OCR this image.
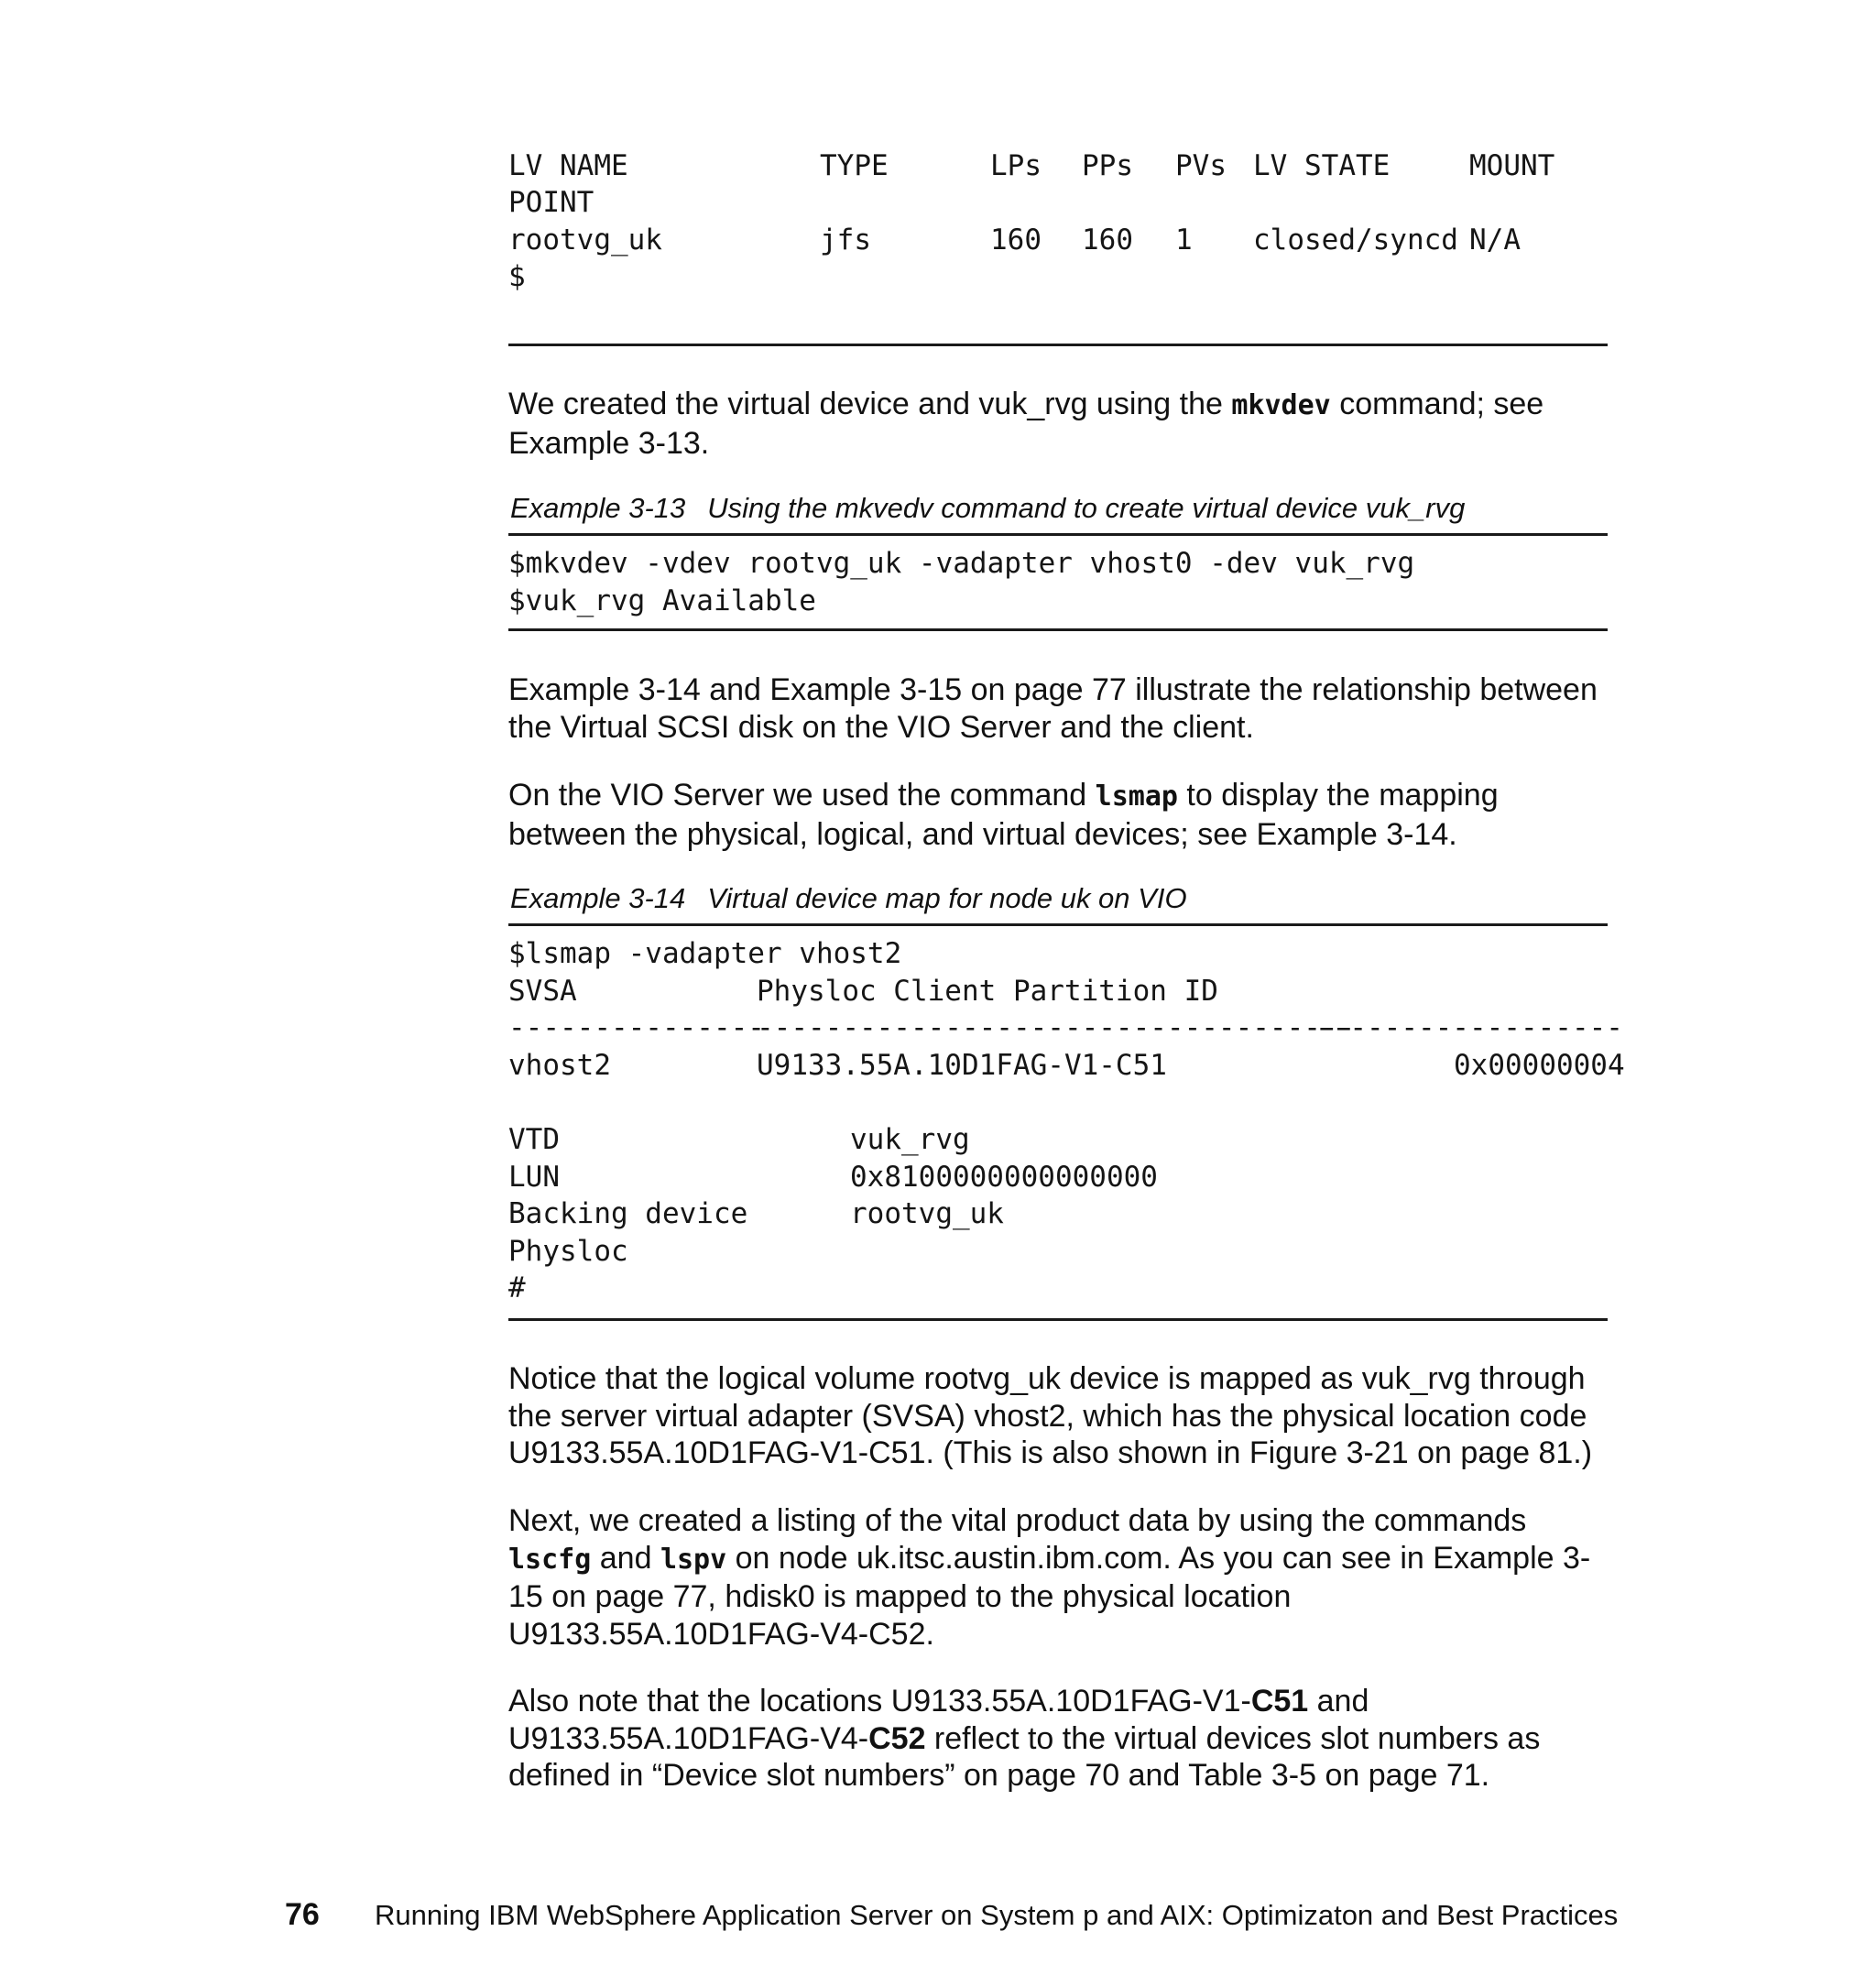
LV NAME	TYPE	LPs PPs PVs LV STATE	MOUNT
POINT
rootvg_uk	jfs	160 160 1 closed/syncd N/A
$

We created the virtual device and vuk_rvg using the mkvdev command; see Example 3-13.

Example 3-13 Using the mkvedv command to create virtual device vuk_rvg
$mkvdev -vdev rootvg_uk -vadapter vhost0 -dev vuk_rvg
$vuk_rvg Available

Example 3-14 and Example 3-15 on page 77 illustrate the relationship between the Virtual SCSI disk on the VIO Server and the client.

On the VIO Server we used the command lsmap to display the mapping between the physical, logical, and virtual devices; see Example 3-14.

Example 3-14 Virtual device map for node uk on VIO
$lsmap -vadapter vhost2
SVSA	Physloc Client Partition ID
---------------
-----------------------------------
------------------
vhost2	U9133.55A.10D1FAG-V1-C51	0x00000004
VTD	vuk_rvg
LUN	0x8100000000000000
Backing device	rootvg_uk
Physloc
#

Notice that the logical volume rootvg_uk device is mapped as vuk_rvg through the server virtual adapter (SVSA) vhost2, which has the physical location code U9133.55A.10D1FAG-V1-C51. (This is also shown in Figure 3-21 on page 81.)

Next, we created a listing of the vital product data by using the commands lscfg and lspv on node uk.itsc.austin.ibm.com. As you can see in Example 3-15 on page 77, hdisk0 is mapped to the physical location U9133.55A.10D1FAG-V4-C52.

Also note that the locations U9133.55A.10D1FAG-V1-C51 and U9133.55A.10D1FAG-V4-C52 reflect to the virtual devices slot numbers as defined in “Device slot numbers” on page 70 and Table 3-5 on page 71.

76 Running IBM WebSphere Application Server on System p and AIX: Optimizaton and Best Practices
